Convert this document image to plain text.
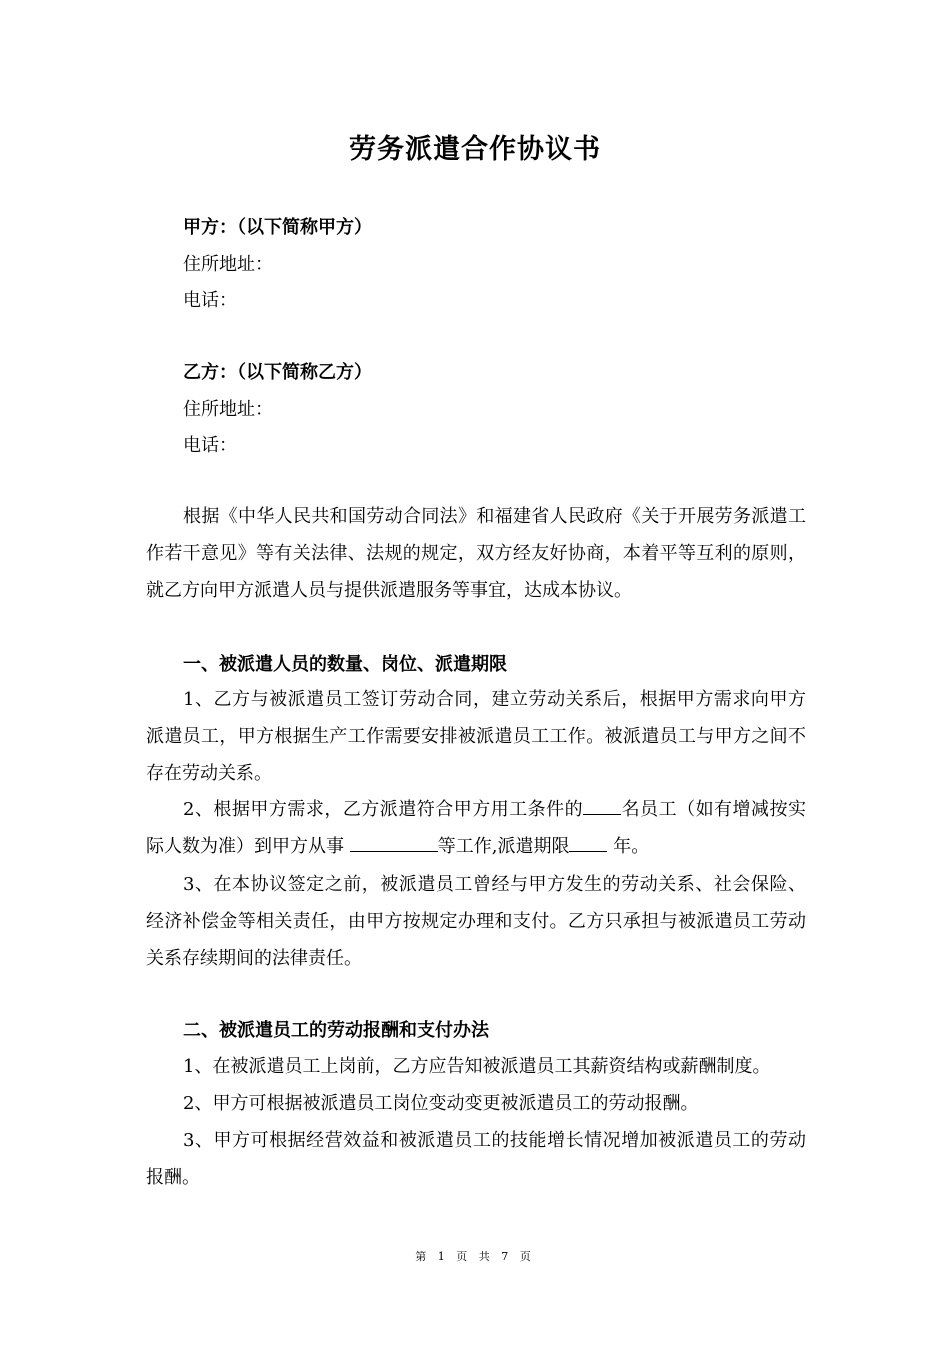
劳务派遣合作协议书
甲方：（以下简称甲方）
住所地址：
电话：
乙方：（以下简称乙方）
住所地址：
电话：
根据《中华人民共和国劳动合同法》和福建省人民政府《关于开展劳务派遣工作若干意见》等有关法律、法规的规定，双方经友好协商，本着平等互利的原则，就乙方向甲方派遣人员与提供派遣服务等事宜，达成本协议。
一、被派遣人员的数量、岗位、派遣期限
1、乙方与被派遣员工签订劳动合同，建立劳动关系后，根据甲方需求向甲方派遣员工，甲方根据生产工作需要安排被派遣员工工作。被派遣员工与甲方之间不存在劳动关系。
2、根据甲方需求，乙方派遣符合甲方用工条件的 名员工（如有增减按实际人数为准）到甲方从事	等工作,派遣期限 年。
3、在本协议签定之前，被派遣员工曾经与甲方发生的劳动关系、社会保险、经济补偿金等相关责任，由甲方按规定办理和支付。乙方只承担与被派遣员工劳动关系存续期间的法律责任。
二、被派遣员工的劳动报酬和支付办法
1、在被派遣员工上岗前，乙方应告知被派遣员工其薪资结构或薪酬制度。
2、甲方可根据被派遣员工岗位变动变更被派遣员工的劳动报酬。
3、甲方可根据经营效益和被派遣员工的技能增长情况增加被派遣员工的劳动报酬。
第 1 页 共 7 页
